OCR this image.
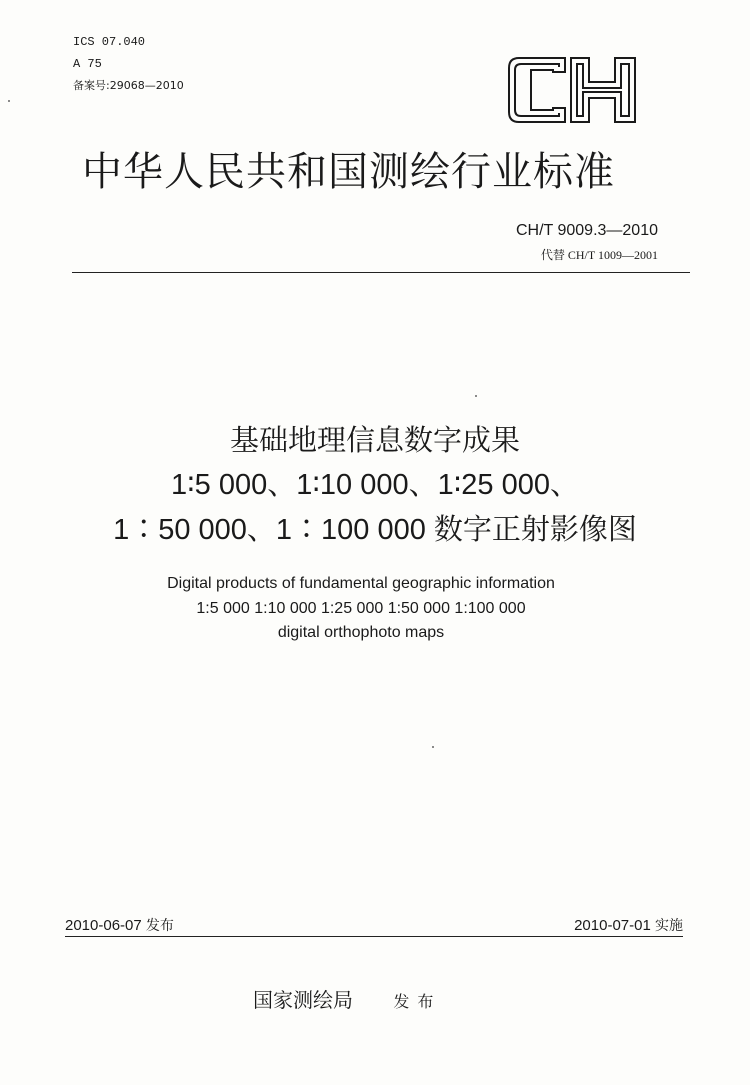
ICS 07.040
A 75
备案号:29068—2010
中华人民共和国测绘行业标准
CH/T 9009.3—2010
代替 CH/T 1009—2001
基础地理信息数字成果
1∶5 000、1∶10 000、1∶25 000、
1∶50 000、1∶100 000 数字正射影像图
Digital products of fundamental geographic information
1:5 000 1:10 000 1:25 000 1:50 000 1:100 000
digital orthophoto maps
2010-06-07 发布	2010-07-01 实施
国家测绘局	发布
